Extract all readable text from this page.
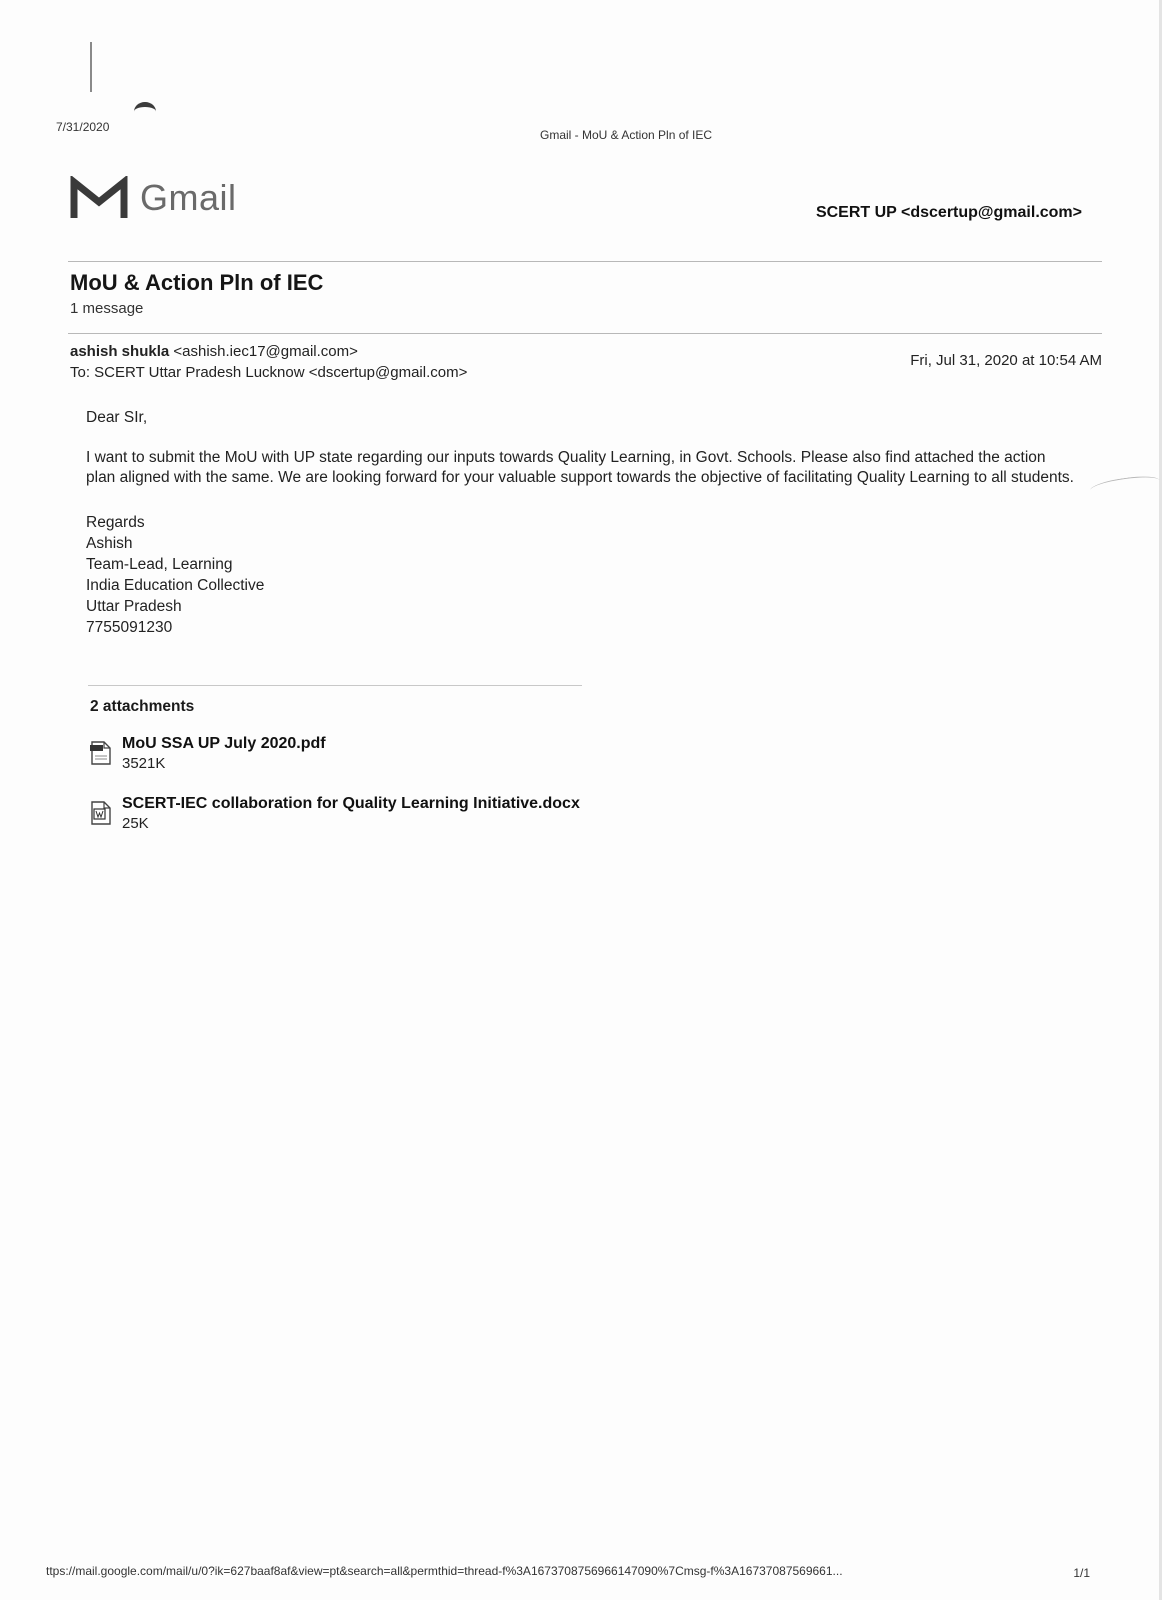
7/31/2020
Gmail - MoU & Action Pln of IEC
Gmail	SCERT UP <dscertup@gmail.com>
MoU & Action Pln of IEC
1 message
ashish shukla <ashish.iec17@gmail.com>
To: SCERT Uttar Pradesh Lucknow <dscertup@gmail.com>
Fri, Jul 31, 2020 at 10:54 AM

Dear SIr,

I want to submit the MoU with UP state regarding our inputs towards Quality Learning, in Govt. Schools. Please also find attached the action plan aligned with the same. We are looking forward for your valuable support towards the objective of facilitating Quality Learning to all students.

Regards
Ashish
Team-Lead, Learning
India Education Collective
Uttar Pradesh
7755091230
2 attachments
MoU SSA UP July 2020.pdf
3521K
SCERT-IEC collaboration for Quality Learning Initiative.docx
25K
ttps://mail.google.com/mail/u/0?ik=627baaf8af&view=pt&search=all&permthid=thread-f%3A1673708756966147090%7Cmsg-f%3A16737087569661...	1/1
